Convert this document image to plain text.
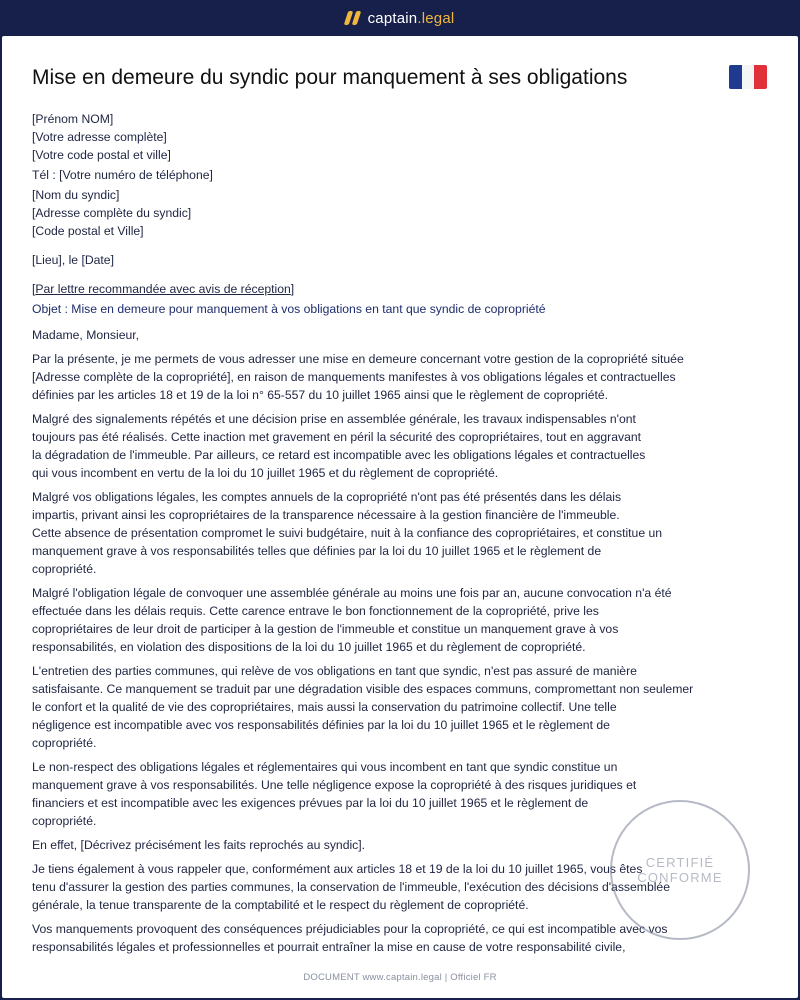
captain .legal
Mise en demeure du syndic pour manquement à ses obligations
[Prénom NOM]
[Votre adresse complète]
[Votre code postal et ville]
Tél : [Votre numéro de téléphone]
[Nom du syndic]
[Adresse complète du syndic]
[Code postal et Ville]
[Lieu], le [Date]
[Par lettre recommandée avec avis de réception]
Objet : Mise en demeure pour manquement à vos obligations en tant que syndic de copropriété
Madame, Monsieur,
Par la présente, je me permets de vous adresser une mise en demeure concernant votre gestion de la copropriété située
[Adresse complète de la copropriété], en raison de manquements manifestes à vos obligations légales et contractuelles
définies par les articles 18 et 19 de la loi n° 65-557 du 10 juillet 1965 ainsi que le règlement de copropriété.
Malgré des signalements répétés et une décision prise en assemblée générale, les travaux indispensables n'ont
toujours pas été réalisés. Cette inaction met gravement en péril la sécurité des copropriétaires, tout en aggravant
la dégradation de l'immeuble. Par ailleurs, ce retard est incompatible avec les obligations légales et contractuelles
qui vous incombent en vertu de la loi du 10 juillet 1965 et du règlement de copropriété.
Malgré vos obligations légales, les comptes annuels de la copropriété n'ont pas été présentés dans les délais
impartis, privant ainsi les copropriétaires de la transparence nécessaire à la gestion financière de l'immeuble.
Cette absence de présentation compromet le suivi budgétaire, nuit à la confiance des copropriétaires, et constitue un
manquement grave à vos responsabilités telles que définies par la loi du 10 juillet 1965 et le règlement de
copropriété.
Malgré l'obligation légale de convoquer une assemblée générale au moins une fois par an, aucune convocation n'a été
effectuée dans les délais requis. Cette carence entrave le bon fonctionnement de la copropriété, prive les
copropriétaires de leur droit de participer à la gestion de l'immeuble et constitue un manquement grave à vos
responsabilités, en violation des dispositions de la loi du 10 juillet 1965 et du règlement de copropriété.
L'entretien des parties communes, qui relève de vos obligations en tant que syndic, n'est pas assuré de manière
satisfaisante. Ce manquement se traduit par une dégradation visible des espaces communs, compromettant non seulemer
le confort et la qualité de vie des copropriétaires, mais aussi la conservation du patrimoine collectif. Une telle
négligence est incompatible avec vos responsabilités définies par la loi du 10 juillet 1965 et le règlement de
copropriété.
Le non-respect des obligations légales et réglementaires qui vous incombent en tant que syndic constitue un
manquement grave à vos responsabilités. Une telle négligence expose la copropriété à des risques juridiques et
financiers et est incompatible avec les exigences prévues par la loi du 10 juillet 1965 et le règlement de
copropriété.
En effet, [Décrivez précisément les faits reprochés au syndic].
Je tiens également à vous rappeler que, conformément aux articles 18 et 19 de la loi du 10 juillet 1965, vous êtes
tenu d'assurer la gestion des parties communes, la conservation de l'immeuble, l'exécution des décisions d'assemblée
générale, la tenue transparente de la comptabilité et le respect du règlement de copropriété.
Vos manquements provoquent des conséquences préjudiciables pour la copropriété, ce qui est incompatible avec vos
responsabilités légales et professionnelles et pourrait entraîner la mise en cause de votre responsabilité civile,
CERTIFIÉ
CONFORME
DOCUMENT www.captain.legal | Officiel FR
